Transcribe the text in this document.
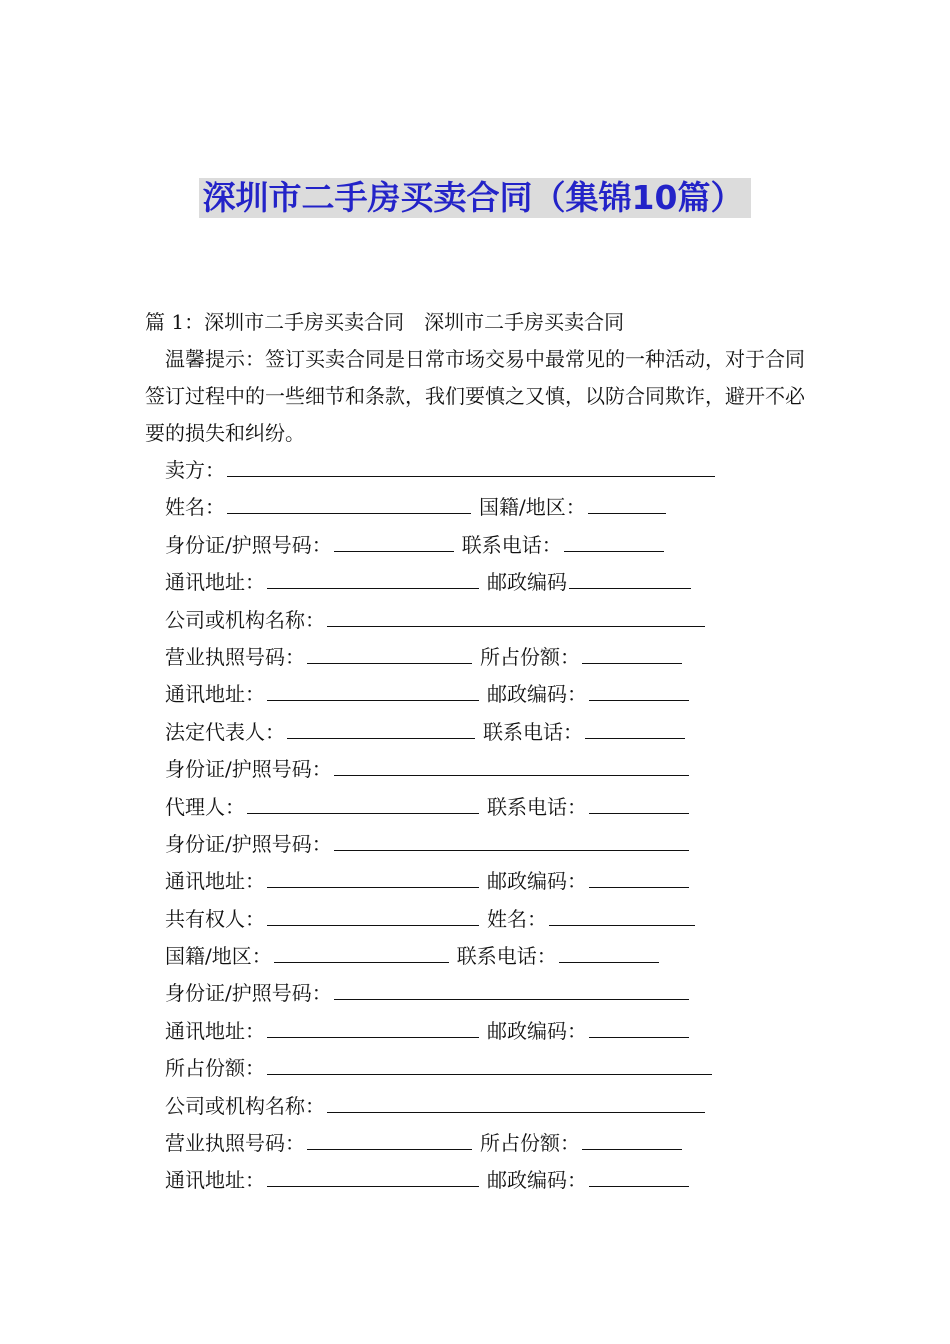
深圳市二手房买卖合同（集锦10篇）
篇 1：深圳市二手房买卖合同　深圳市二手房买卖合同
温馨提示：签订买卖合同是日常市场交易中最常见的一种活动，对于合同签订过程中的一些细节和条款，我们要慎之又慎，以防合同欺诈，避开不必要的损失和纠纷。
卖方：
姓名：	国籍/地区：
身份证/护照号码：	联系电话：
通讯地址：	邮政编码
公司或机构名称：
营业执照号码：	所占份额：
通讯地址：	邮政编码：
法定代表人：	联系电话：
身份证/护照号码：
代理人：	联系电话：
身份证/护照号码：
通讯地址：	邮政编码：
共有权人：	姓名：
国籍/地区：	联系电话：
身份证/护照号码：
通讯地址：	邮政编码：
所占份额：
公司或机构名称：
营业执照号码：	所占份额：
通讯地址：	邮政编码：
